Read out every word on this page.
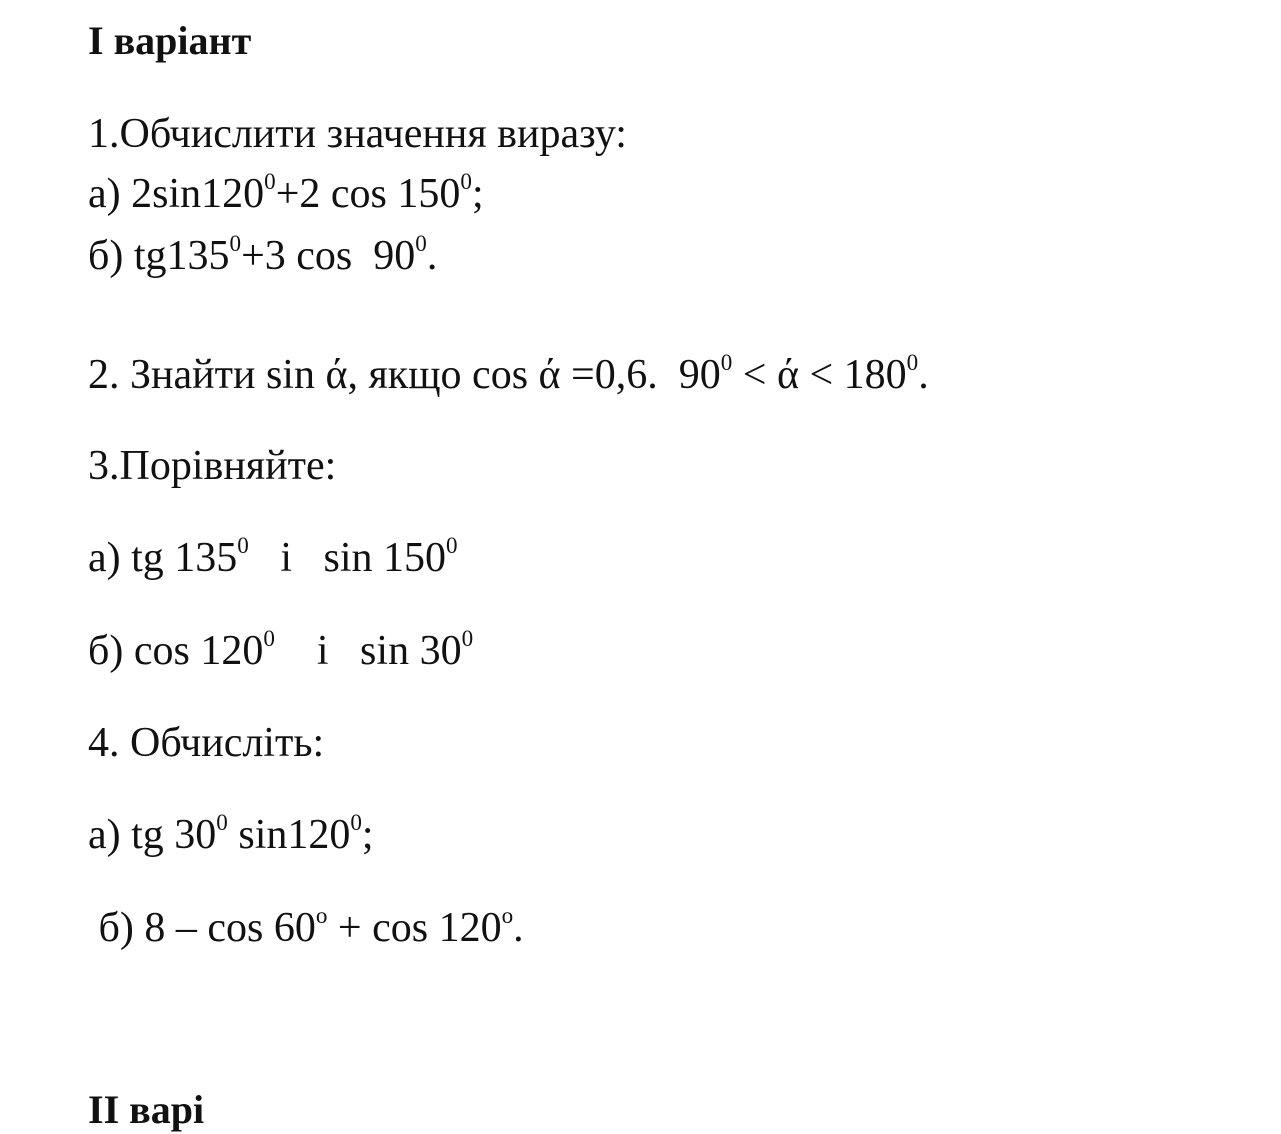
І варіант
1.Обчислити значення виразу:
а) $2\sin 120^0+2$ $\cos 150^0$;
б) $tg135^0+3$ $\cos 90^0$.
2. Знайти sin ά, якщо cos ά =0,6.  $90^0 < ά < 180^0$.
3.Порівняйте:
а) tg $135^0$   і   $\sin 150^0$
б) $\cos 120^0$    і   $\sin 30^0$
4. Обчисліть:
а) tg $30^0$ $\sin 120^0$;
б) $8 - \cos 60^о + \cos 120^о$.
ІІ варі
